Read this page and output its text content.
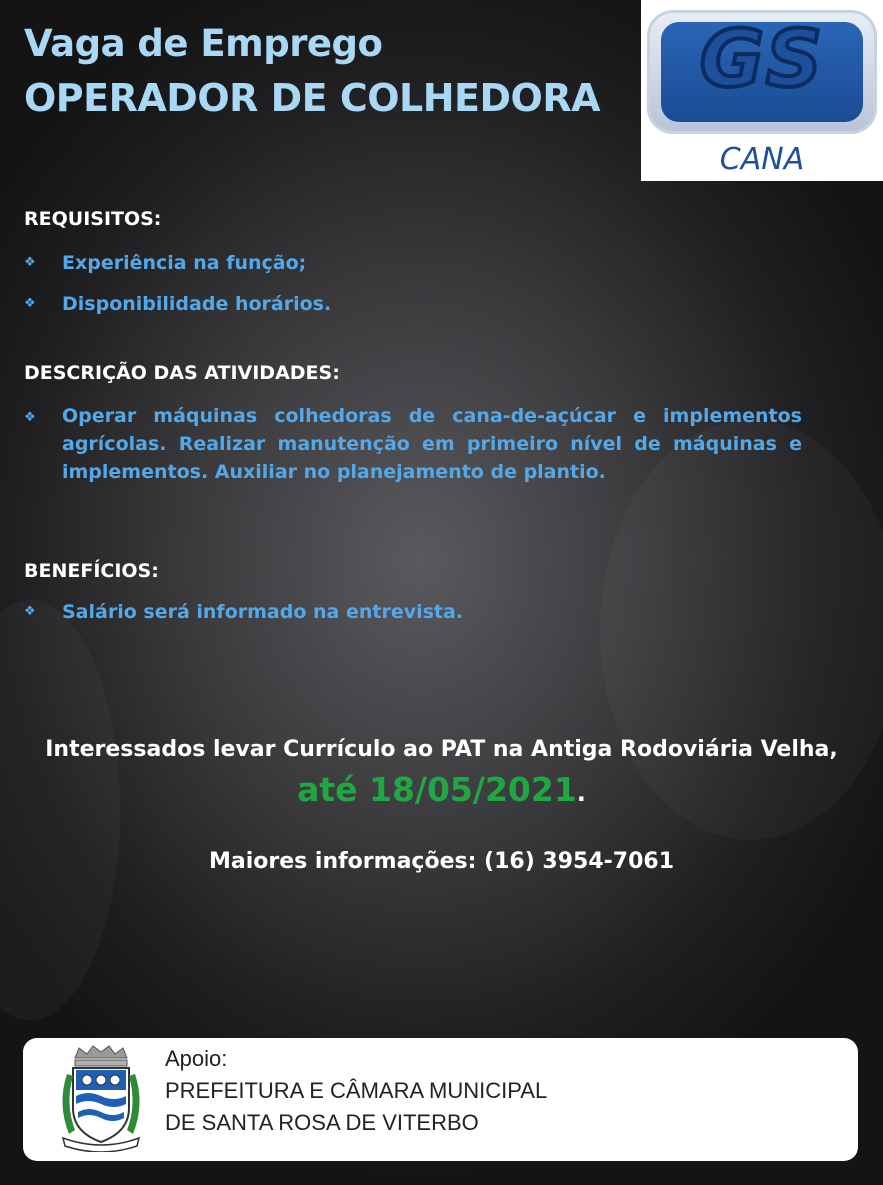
Vaga de Emprego
OPERADOR DE COLHEDORA	GS
CANA
REQUISITOS:
❖ Experiência na função;
❖ Disponibilidade horários.
DESCRIÇÃO DAS ATIVIDADES:
❖ Operar máquinas colhedoras de cana-de-açúcar e implementos agrícolas. Realizar manutenção em primeiro nível de máquinas e implementos. Auxiliar no planejamento de plantio.
BENEFÍCIOS:
❖ Salário será informado na entrevista.
Interessados levar Currículo ao PAT na Antiga Rodoviária Velha,
até 18/05/2021.
Maiores informações: (16) 3954-7061
Apoio:
PREFEITURA E CÂMARA MUNICIPAL
DE SANTA ROSA DE VITERBO
